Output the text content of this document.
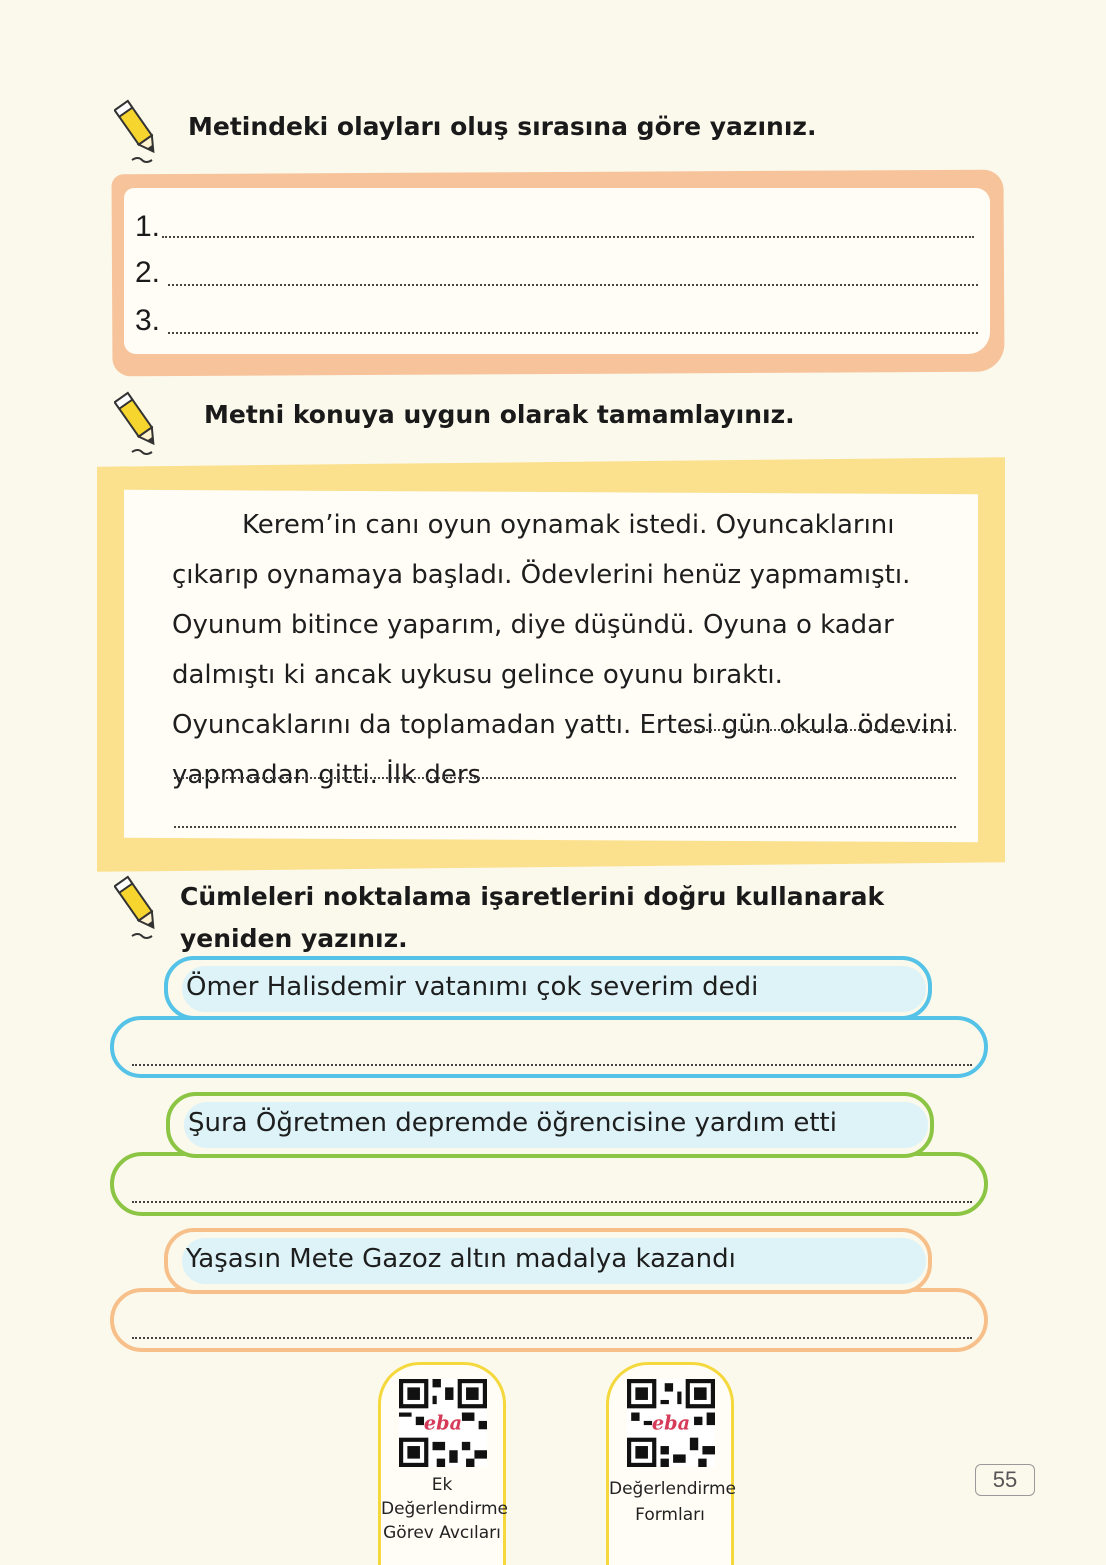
Metindeki olayları oluş sırasına göre yazınız.
1.
2.
3.
Metni konuya uygun olarak tamamlayınız.
Kerem’in canı oyun oynamak istedi. Oyuncaklarını çıkarıp oynamaya başladı. Ödevlerini henüz yapmamıştı. Oyunum bitince yaparım, diye düşündü. Oyuna o kadar dalmıştı ki ancak uykusu gelince oyunu bıraktı. Oyuncaklarını da toplamadan yattı. Ertesi gün okula ödevini yapmadan gitti. İlk ders
Cümleleri noktalama işaretlerini doğru kullanarak yeniden yazınız.
Ömer Halisdemir vatanımı çok severim dedi
Şura Öğretmen depremde öğrencisine yardım etti
Yaşasın Mete Gazoz altın madalya kazandı
eba
Ek
Değerlendirme
Görev Avcıları
eba
Değerlendirme
Formları
55
